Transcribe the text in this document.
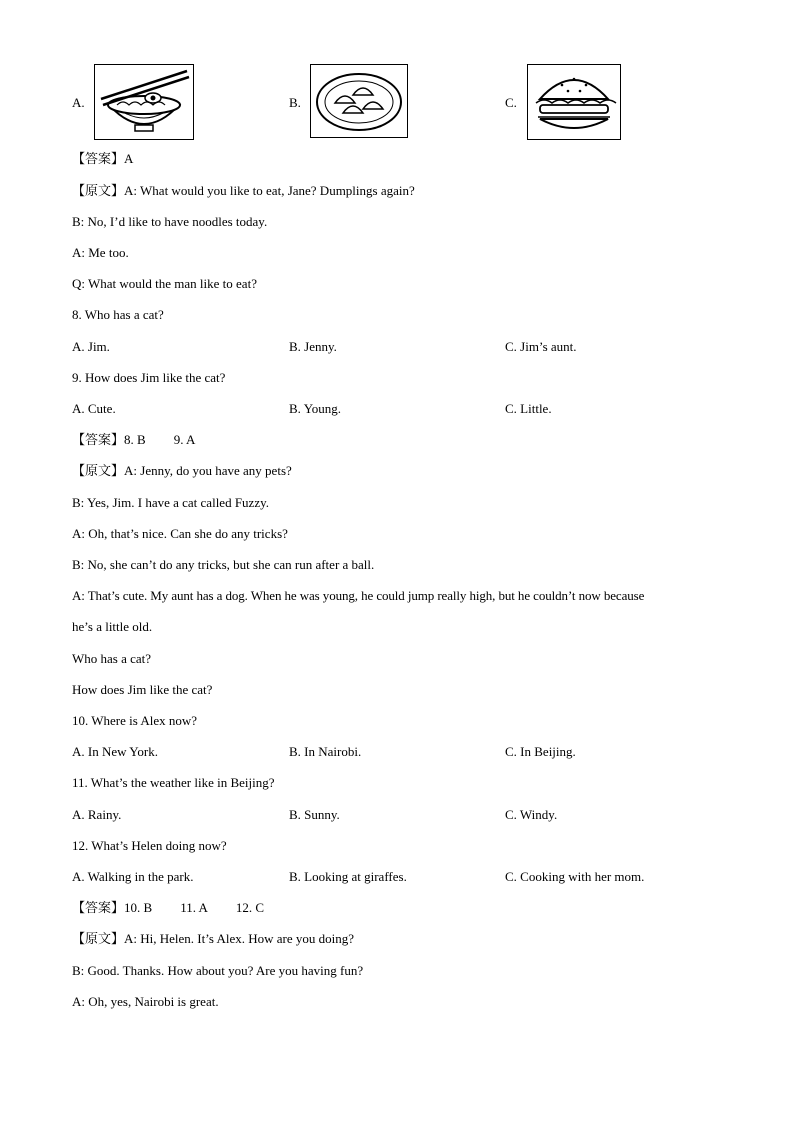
A.	B.	C.
【答案】A
【原文】A: What would you like to eat, Jane? Dumplings again?
B: No, I’d like to have noodles today.
A: Me too.
Q: What would the man like to eat?
8. Who has a cat?
A. Jim.	B. Jenny.	C. Jim’s aunt.
9. How does Jim like the cat?
A. Cute.	B. Young.	C. Little.
【答案】8. B 9. A
【原文】A: Jenny, do you have any pets?
B: Yes, Jim. I have a cat called Fuzzy.
A: Oh, that’s nice. Can she do any tricks?
B: No, she can’t do any tricks, but she can run after a ball.
A: That’s cute. My aunt has a dog. When he was young, he could jump really high, but he couldn’t now because
he’s a little old.
Who has a cat?
How does Jim like the cat?
10. Where is Alex now?
A. In New York.	B. In Nairobi.	C. In Beijing.
11. What’s the weather like in Beijing?
A. Rainy.	B. Sunny.	C. Windy.
12. What’s Helen doing now?
A. Walking in the park.	B. Looking at giraffes.	C. Cooking with her mom.
【答案】10. B 11. A 12. C
【原文】A: Hi, Helen. It’s Alex. How are you doing?
B: Good. Thanks. How about you? Are you having fun?
A: Oh, yes, Nairobi is great.
